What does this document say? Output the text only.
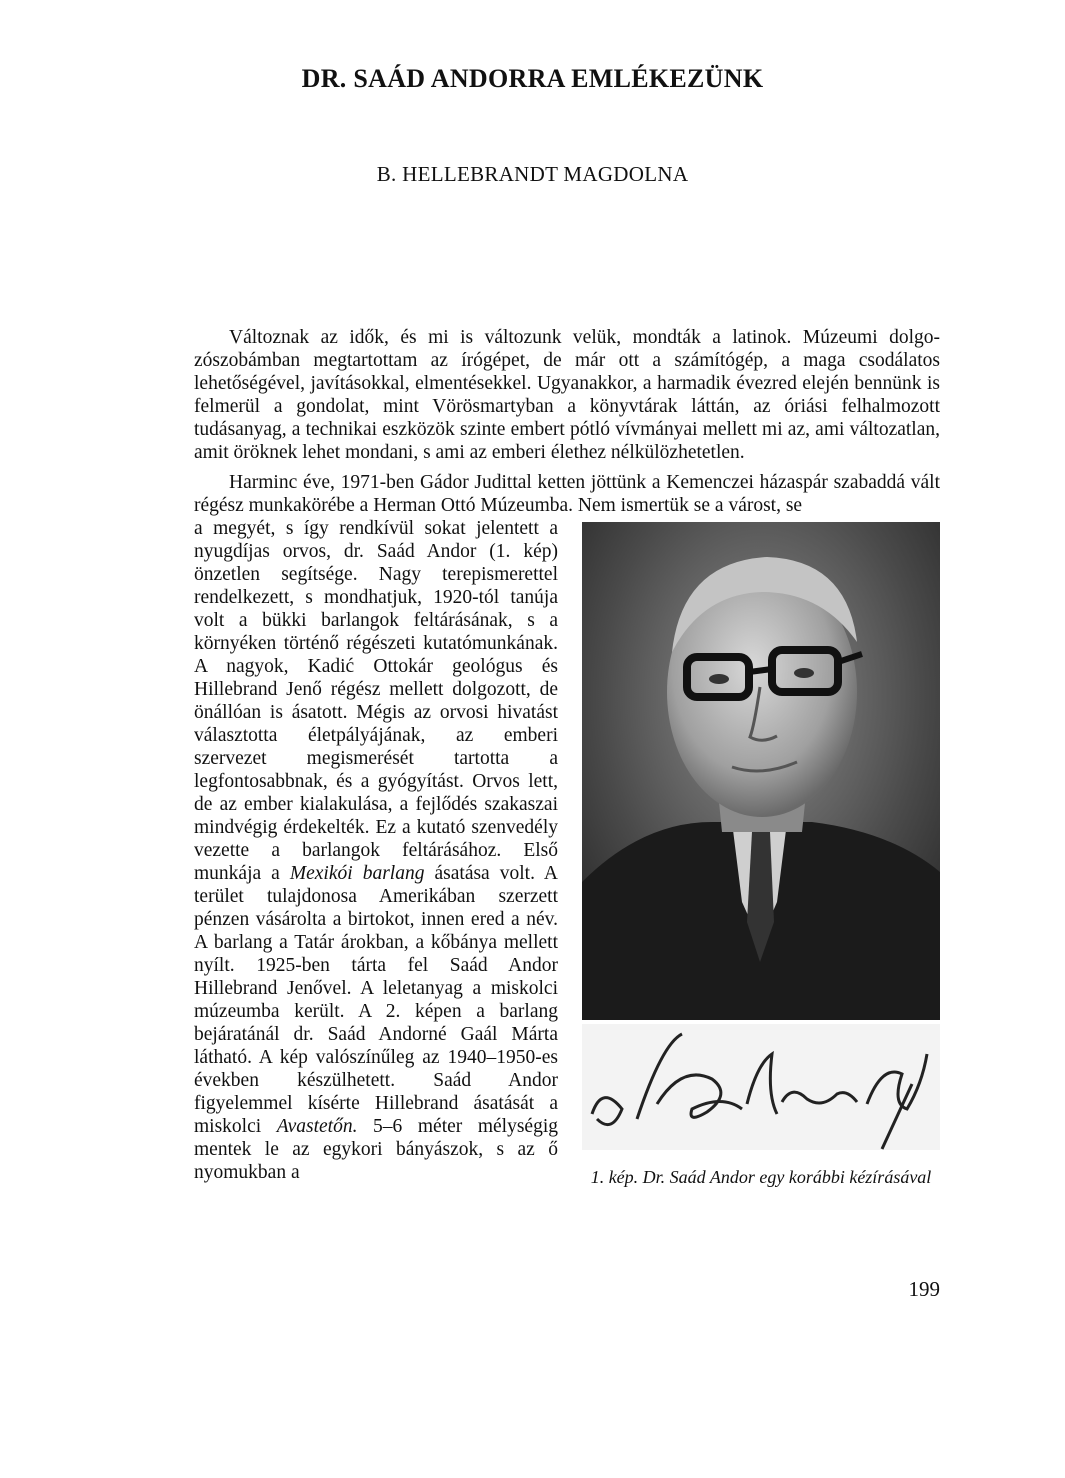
DR. SAÁD ANDORRA EMLÉKEZÜNK
B. HELLEBRANDT MAGDOLNA

Változnak az idők, és mi is változunk velük, mondták a latinok. Múzeumi dolgozószobámban megtartottam az írógépet, de már ott a számítógép, a maga csodálatos lehetőségével, javításokkal, elmentésekkel. Ugyanakkor, a harmadik évezred elején bennünk is felmerül a gondolat, mint Vörösmartyban a könyvtárak láttán, az óriási felhalmozott tudásanyag, a technikai eszközök szinte embert pótló vívmányai mellett mi az, ami változatlan, amit öröknek lehet mondani, s ami az emberi élethez nélkülözhetetlen.

Harminc éve, 1971-ben Gádor Judittal ketten jöttünk a Kemenczei házaspár szabaddá vált régész munkakörébe a Herman Ottó Múzeumba. Nem ismertük se a várost, se

a megyét, s így rendkívül sokat jelentett a nyugdíjas orvos, dr. Saád Andor (1. kép) önzetlen segítsége. Nagy terepismerettel rendelkezett, s mondhatjuk, 1920-tól tanúja volt a bükki barlangok feltárásának, s a környéken történő régészeti kutatómunkának. A nagyok, Kadić Ottokár geológus és Hillebrand Jenő régész mellett dolgozott, de önállóan is ásatott. Mégis az orvosi hivatást választotta életpályájának, az emberi szervezet megismerését tartotta a legfontosabbnak, és a gyógyítást. Orvos lett, de az ember kialakulása, a fejlődés szakaszai mindvégig érdekelték. Ez a kutató szenvedély vezette a barlangok feltárásához. Első munkája a Mexikói barlang ásatása volt. A terület tulajdonosa Amerikában szerzett pénzen vásárolta a birtokot, innen ered a név. A barlang a Tatár árokban, a kőbánya mellett nyílt. 1925-ben tárta fel Saád Andor Hillebrand Jenővel. A leletanyag a miskolci múzeumba került. A 2. képen a barlang bejáratánál dr. Saád Andorné Gaál Márta látható. A kép valószínűleg az 1940–1950-es években készülhetett. Saád Andor figyelemmel kísérte Hillebrand ásatását a miskolci Avastetőn. 5–6 méter mélységig mentek le az egykori bányászok, s az ő nyomukban a	1. kép. Dr. Saád Andor egy korábbi kézírásával
199
